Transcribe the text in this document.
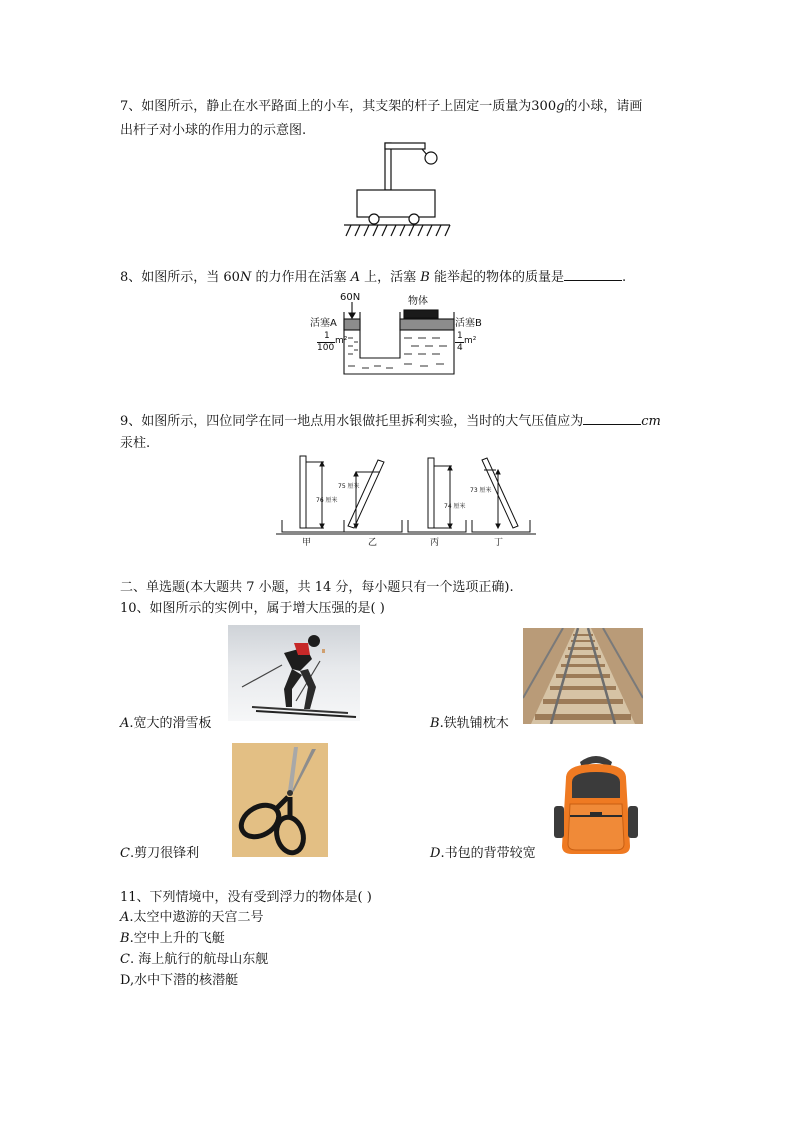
7、如图所示，静止在水平路面上的小车，其支架的杆子上固定一质量为300g的小球，请画
出杆子对小球的作用力的示意图.
8、如图所示，当 60N 的力作用在活塞 A 上，活塞 B 能举起的物体的质量是	.
60N	物体
活塞A	活塞B
1
100
m²	1
4
m²
9、如图所示，四位同学在同一地点用水银做托里拆利实验，当时的大气压值应为	cm
汞柱.
76 厘米
75 厘米
74 厘米
73 厘米
甲	乙	丙	丁
二、单选题(本大题共 7 小题，共 14 分，每小题只有一个选项正确).
10、如图所示的实例中，属于增大压强的是( )
A.宽大的滑雪板	B.铁轨铺枕木
C.剪刀很锋利	D.书包的背带较宽
11、下列情境中，没有受到浮力的物体是( )
A.太空中遨游的天宫二号
B.空中上升的飞艇
C. 海上航行的航母山东舰
D,水中下潜的核潜艇
